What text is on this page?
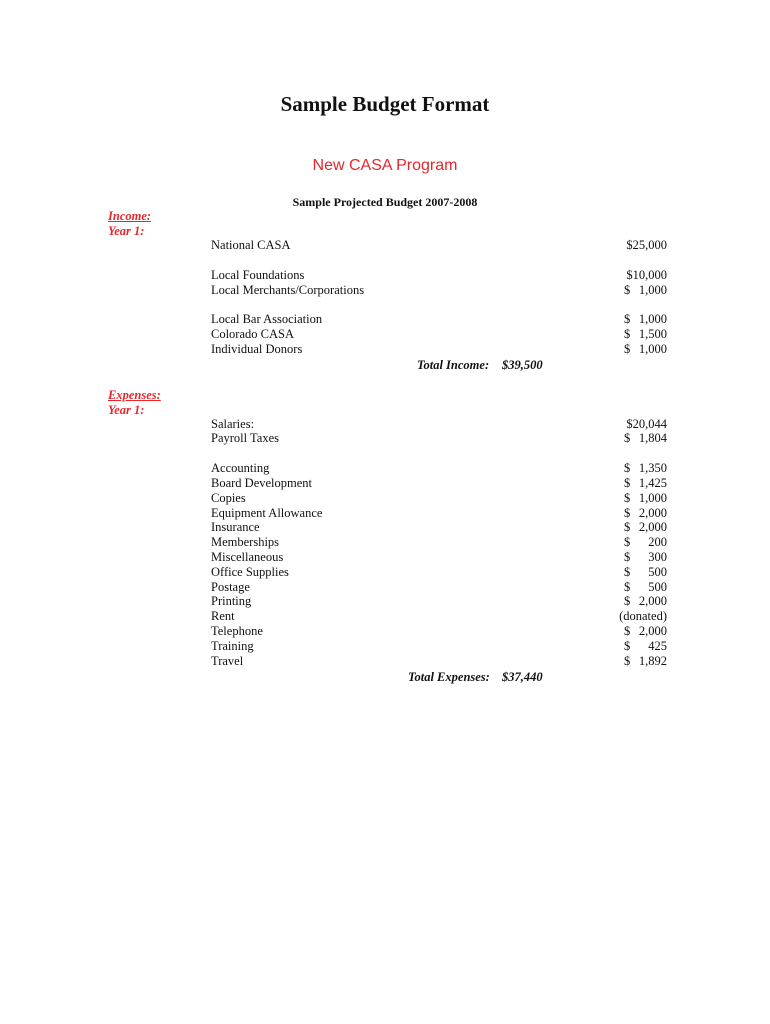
Sample Budget Format
New CASA Program
Sample Projected Budget 2007-2008
Income:
Year 1:
National CASA	$25,000
Local Foundations	$10,000
Local Merchants/Corporations	$ 1,000
Local Bar Association	$ 1,000
Colorado CASA	$ 1,500
Individual Donors	$ 1,000
Total Income: $39,500
Expenses:
Year 1:
Salaries:	$20,044
Payroll Taxes	$ 1,804
Accounting	$ 1,350
Board Development	$ 1,425
Copies	$ 1,000
Equipment Allowance	$ 2,000
Insurance	$ 2,000
Memberships	$ 200
Miscellaneous	$ 300
Office Supplies	$ 500
Postage	$ 500
Printing	$ 2,000
Rent	(donated)
Telephone	$ 2,000
Training	$ 425
Travel	$ 1,892
Total Expenses: $37,440
